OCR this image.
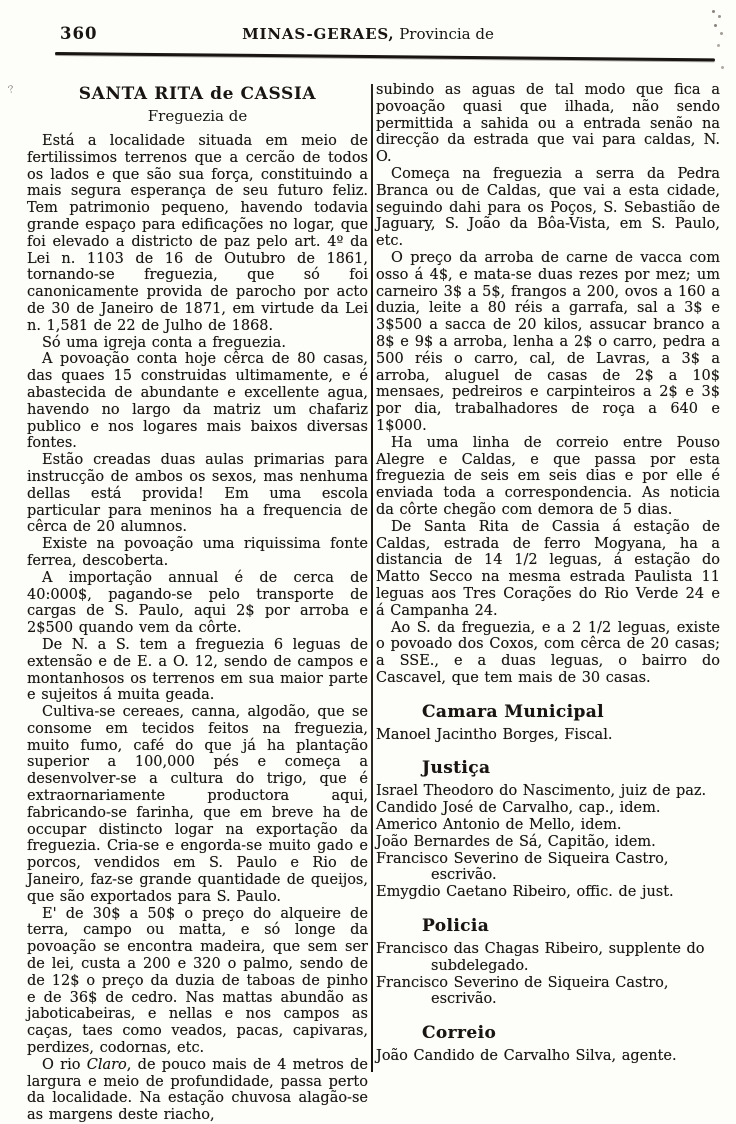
360	MINAS-GERAES, Provincia de
﹖	SANTA RITA de CASSIA
Freguezia de

Está a localidade situada em meio de fertilissimos terrenos que a cercão de todos os lados e que são sua força, constituindo a mais segura esperança de seu futuro feliz. Tem patrimonio pequeno, havendo todavia grande espaço para edificações no logar, que foi elevado a districto de paz pelo art. 4º da Lei n. 1103 de 16 de Outubro de 1861, tornando-se freguezia, que só foi canonicamente provida de parocho por acto de 30 de Janeiro de 1871, em virtude da Lei n. 1,581 de 22 de Julho de 1868.

Só uma igreja conta a freguezia.

A povoação conta hoje cêrca de 80 casas, das quaes 15 construidas ultimamente, e é abastecida de abundante e excellente agua, havendo no largo da matriz um chafariz publico e nos logares mais baixos diversas fontes.

Estão creadas duas aulas primarias para instrucção de ambos os sexos, mas nenhuma dellas está provida! Em uma escola particular para meninos ha a frequencia de cêrca de 20 alumnos.

Existe na povoação uma riquissima fonte ferrea, descoberta.

A importação annual é de cerca de 40:000$, pagando-se pelo transporte de cargas de S. Paulo, aqui 2$ por arroba e 2$500 quando vem da côrte.

De N. a S. tem a freguezia 6 leguas de extensão e de E. a O. 12, sendo de campos e montanhosos os terrenos em sua maior parte e sujeitos á muita geada.

Cultiva-se cereaes, canna, algodão, que se consome em tecidos feitos na freguezia, muito fumo, café do que já ha plantação superior a 100,000 pés e começa a desenvolver-se a cultura do trigo, que é extraornariamente productora aqui, fabricando-se farinha, que em breve ha de occupar distincto logar na exportação da freguezia. Cria-se e engorda-se muito gado e porcos, vendidos em S. Paulo e Rio de Janeiro, faz-se grande quantidade de queijos, que são exportados para S. Paulo.

E' de 30$ a 50$ o preço do alqueire de terra, campo ou matta, e só longe da povoação se encontra madeira, que sem ser de lei, custa a 200 e 320 o palmo, sendo de de 12$ o preço da duzia de taboas de pinho e de 36$ de cedro. Nas mattas abundão as jaboticabeiras, e nellas e nos campos as caças, taes como veados, pacas, capivaras, perdizes, codornas, etc.

O rio Claro, de pouco mais de 4 metros de largura e meio de profundidade, passa perto da localidade. Na estação chuvosa alagão-se as margens deste riacho,

subindo as aguas de tal modo que fica a povoação quasi que ilhada, não sendo permittida a sahida ou a entrada senão na direcção da estrada que vai para caldas, N. O.

Começa na freguezia a serra da Pedra Branca ou de Caldas, que vai a esta cidade, seguindo dahi para os Poços, S. Sebastião de Jaguary, S. João da Bôa-Vista, em S. Paulo, etc.

O preço da arroba de carne de vacca com osso á 4$, e mata-se duas rezes por mez; um carneiro 3$ a 5$, frangos a 200, ovos a 160 a duzia, leite a 80 réis a garrafa, sal a 3$ e 3$500 a sacca de 20 kilos, assucar branco a 8$ e 9$ a arroba, lenha a 2$ o carro, pedra a 500 réis o carro, cal, de Lavras, a 3$ a arroba, aluguel de casas de 2$ a 10$ mensaes, pedreiros e carpinteiros a 2$ e 3$ por dia, trabalhadores de roça a 640 e 1$000.

Ha uma linha de correio entre Pouso Alegre e Caldas, e que passa por esta freguezia de seis em seis dias e por elle é enviada toda a correspondencia. As noticia da côrte chegão com demora de 5 dias.

De Santa Rita de Cassia á estação de Caldas, estrada de ferro Mogyana, ha a distancia de 14 1/2 leguas, á estação do Matto Secco na mesma estrada Paulista 11 leguas aos Tres Corações do Rio Verde 24 e á Campanha 24.

Ao S. da freguezia, e a 2 1/2 leguas, existe o povoado dos Coxos, com cêrca de 20 casas; a SSE., e a duas leguas, o bairro do Cascavel, que tem mais de 30 casas.

Camara Municipal

Manoel Jacintho Borges, Fiscal.

Justiça

Israel Theodoro do Nascimento, juiz de paz.

Candido José de Carvalho, cap., idem.

Americo Antonio de Mello, idem.

João Bernardes de Sá, Capitão, idem.

Francisco Severino de Siqueira Castro, escrivão.

Emygdio Caetano Ribeiro, offic. de just.

Policia

Francisco das Chagas Ribeiro, supplente do subdelegado.

Francisco Severino de Siqueira Castro, escrivão.

Correio

João Candido de Carvalho Silva, agente.
